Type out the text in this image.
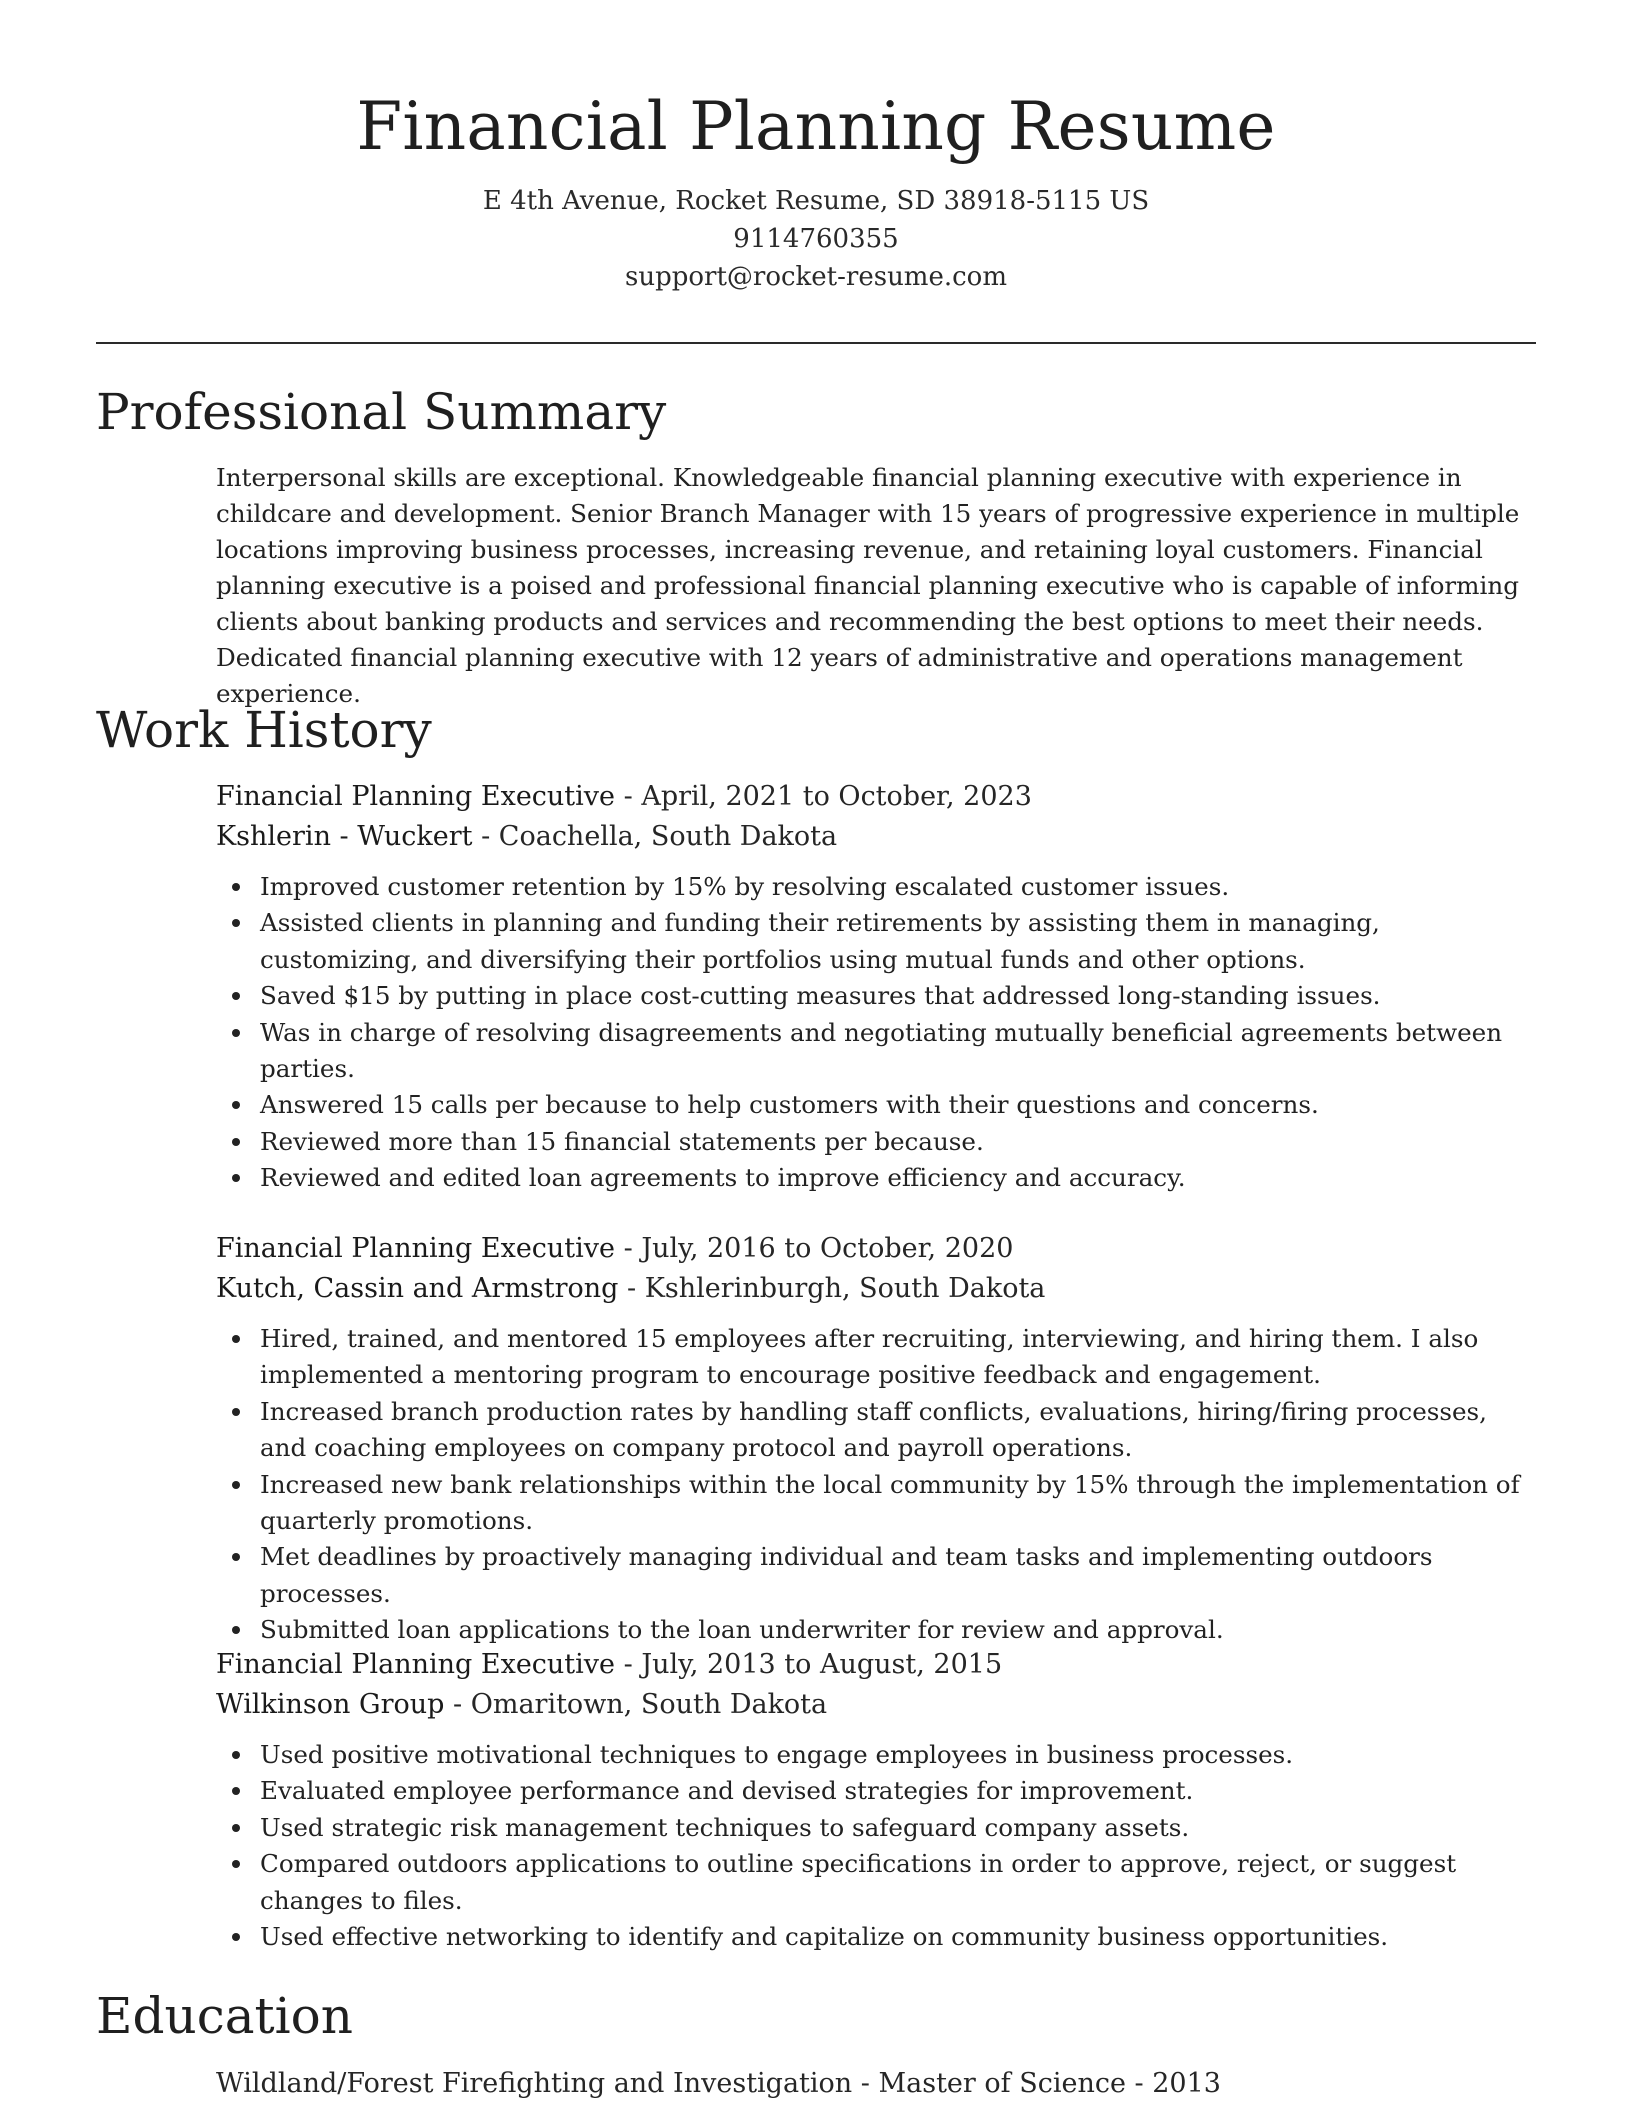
Financial Planning Resume
E 4th Avenue, Rocket Resume, SD 38918-5115 US
9114760355
support@rocket-resume.com
Professional Summary

Interpersonal skills are exceptional. Knowledgeable financial planning executive with experience in childcare and development. Senior Branch Manager with 15 years of progressive experience in multiple locations improving business processes, increasing revenue, and retaining loyal customers. Financial planning executive is a poised and professional financial planning executive who is capable of informing clients about banking products and services and recommending the best options to meet their needs. Dedicated financial planning executive with 12 years of administrative and operations management experience.

Work History
Financial Planning Executive - April, 2021 to October, 2023
Kshlerin - Wuckert - Coachella, South Dakota
Improved customer retention by 15% by resolving escalated customer issues.
Assisted clients in planning and funding their retirements by assisting them in managing, customizing, and diversifying their portfolios using mutual funds and other options.
Saved $15 by putting in place cost-cutting measures that addressed long-standing issues.
Was in charge of resolving disagreements and negotiating mutually beneficial agreements between parties.
Answered 15 calls per because to help customers with their questions and concerns.
Reviewed more than 15 financial statements per because.
Reviewed and edited loan agreements to improve efficiency and accuracy.
Financial Planning Executive - July, 2016 to October, 2020
Kutch, Cassin and Armstrong - Kshlerinburgh, South Dakota
Hired, trained, and mentored 15 employees after recruiting, interviewing, and hiring them. I also implemented a mentoring program to encourage positive feedback and engagement.
Increased branch production rates by handling staff conflicts, evaluations, hiring/firing processes, and coaching employees on company protocol and payroll operations.
Increased new bank relationships within the local community by 15% through the implementation of quarterly promotions.
Met deadlines by proactively managing individual and team tasks and implementing outdoors processes.
Submitted loan applications to the loan underwriter for review and approval.
Financial Planning Executive - July, 2013 to August, 2015
Wilkinson Group - Omaritown, South Dakota
Used positive motivational techniques to engage employees in business processes.
Evaluated employee performance and devised strategies for improvement.
Used strategic risk management techniques to safeguard company assets.
Compared outdoors applications to outline specifications in order to approve, reject, or suggest changes to files.
Used effective networking to identify and capitalize on community business opportunities.
Education
Wildland/Forest Firefighting and Investigation - Master of Science - 2013
